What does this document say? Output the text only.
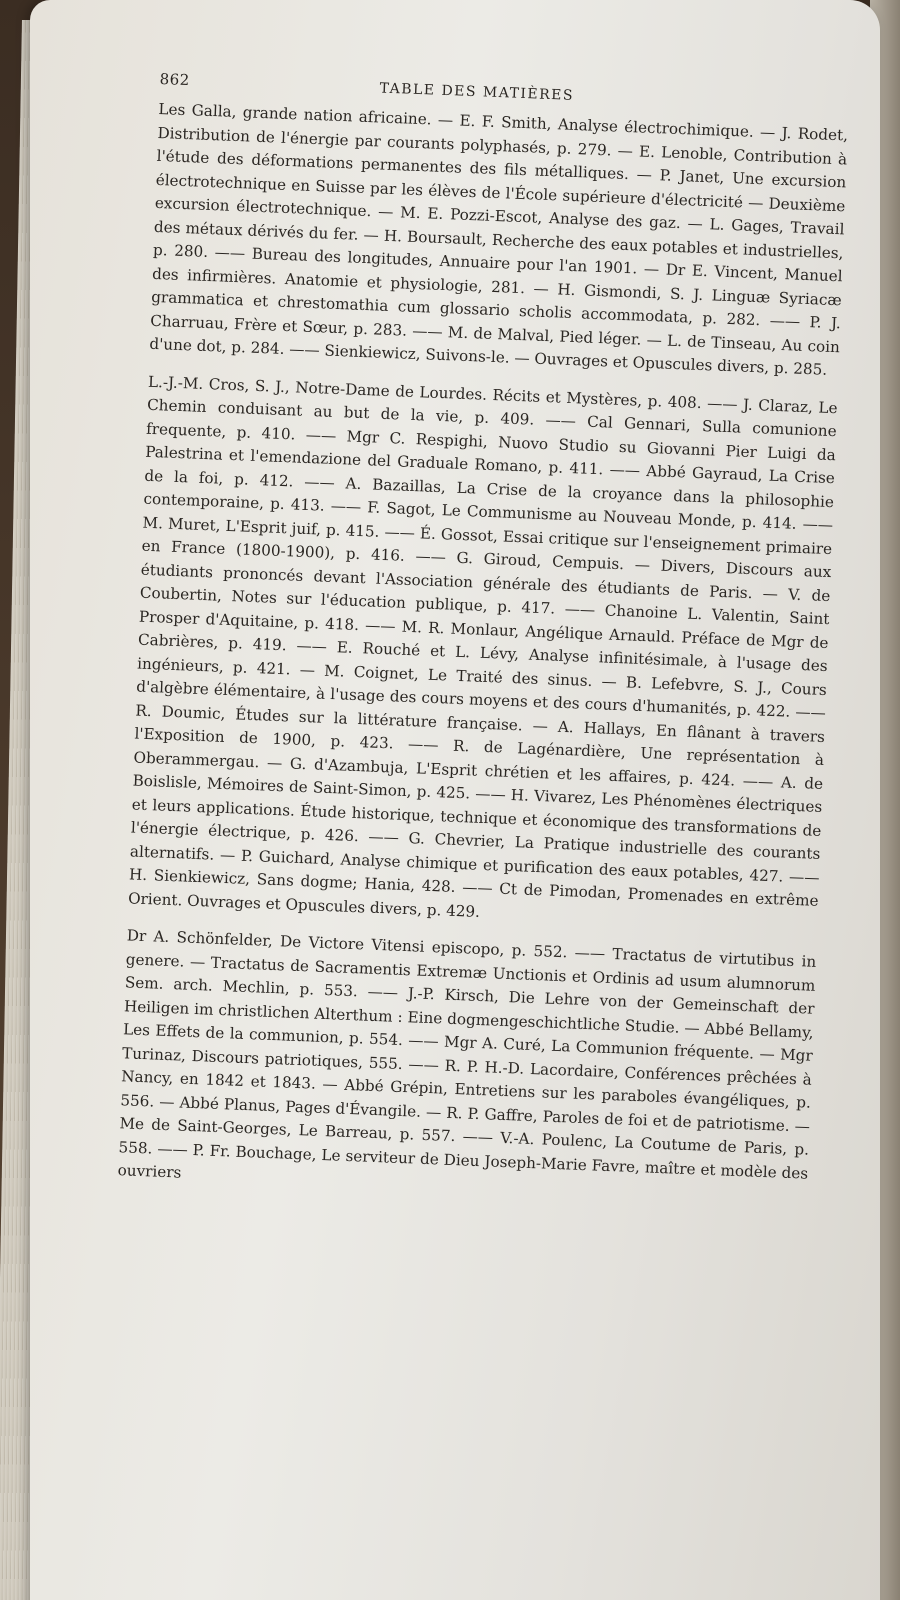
862
TABLE DES MATIÈRES

Les Galla, grande nation africaine. — E. F. Smith, Analyse électrochimique. — J. Rodet, Distribution de l'énergie par courants polyphasés, p. 279. — E. Lenoble, Contribution à l'étude des déformations permanentes des fils métalliques. — P. Janet, Une excursion électrotechnique en Suisse par les élèves de l'École supérieure d'électricité — Deuxième excursion électrotechnique. — M. E. Pozzi-Escot, Analyse des gaz. — L. Gages, Travail des métaux dérivés du fer. — H. Boursault, Recherche des eaux potables et industrielles, p. 280. —— Bureau des longitudes, Annuaire pour l'an 1901. — Dr E. Vincent, Manuel des infirmières. Anatomie et physiologie, 281. — H. Gismondi, S. J. Linguæ Syriacæ grammatica et chrestomathia cum glossario scholis accommodata, p. 282. —— P. J. Charruau, Frère et Sœur, p. 283. —— M. de Malval, Pied léger. — L. de Tinseau, Au coin d'une dot, p. 284. —— Sienkiewicz, Suivons-le. — Ouvrages et Opuscules divers, p. 285.

L.-J.-M. Cros, S. J., Notre-Dame de Lourdes. Récits et Mystères, p. 408. —— J. Claraz, Le Chemin conduisant au but de la vie, p. 409. —— Cal Gennari, Sulla comunione frequente, p. 410. —— Mgr C. Respighi, Nuovo Studio su Giovanni Pier Luigi da Palestrina et l'emendazione del Graduale Romano, p. 411. —— Abbé Gayraud, La Crise de la foi, p. 412. —— A. Bazaillas, La Crise de la croyance dans la philosophie contemporaine, p. 413. —— F. Sagot, Le Communisme au Nouveau Monde, p. 414. —— M. Muret, L'Esprit juif, p. 415. —— É. Gossot, Essai critique sur l'enseignement primaire en France (1800-1900), p. 416. —— G. Giroud, Cempuis. — Divers, Discours aux étudiants prononcés devant l'Association générale des étudiants de Paris. — V. de Coubertin, Notes sur l'éducation publique, p. 417. —— Chanoine L. Valentin, Saint Prosper d'Aquitaine, p. 418. —— M. R. Monlaur, Angélique Arnauld. Préface de Mgr de Cabrières, p. 419. —— E. Rouché et L. Lévy, Analyse infinitésimale, à l'usage des ingénieurs, p. 421. — M. Coignet, Le Traité des sinus. — B. Lefebvre, S. J., Cours d'algèbre élémentaire, à l'usage des cours moyens et des cours d'humanités, p. 422. —— R. Doumic, Études sur la littérature française. — A. Hallays, En flânant à travers l'Exposition de 1900, p. 423. —— R. de Lagénardière, Une représentation à Oberammergau. — G. d'Azambuja, L'Esprit chrétien et les affaires, p. 424. —— A. de Boislisle, Mémoires de Saint-Simon, p. 425. —— H. Vivarez, Les Phénomènes électriques et leurs applications. Étude historique, technique et économique des transformations de l'énergie électrique, p. 426. —— G. Chevrier, La Pratique industrielle des courants alternatifs. — P. Guichard, Analyse chimique et purification des eaux potables, 427. —— H. Sienkiewicz, Sans dogme; Hania, 428. —— Ct de Pimodan, Promenades en extrême Orient. Ouvrages et Opuscules divers, p. 429.

Dr A. Schönfelder, De Victore Vitensi episcopo, p. 552. —— Tractatus de virtutibus in genere. — Tractatus de Sacramentis Extremæ Unctionis et Ordinis ad usum alumnorum Sem. arch. Mechlin, p. 553. —— J.-P. Kirsch, Die Lehre von der Gemeinschaft der Heiligen im christlichen Alterthum : Eine dogmengeschichtliche Studie. — Abbé Bellamy, Les Effets de la communion, p. 554. —— Mgr A. Curé, La Communion fréquente. — Mgr Turinaz, Discours patriotiques, 555. —— R. P. H.-D. Lacordaire, Conférences prêchées à Nancy, en 1842 et 1843. — Abbé Grépin, Entretiens sur les paraboles évangéliques, p. 556. — Abbé Planus, Pages d'Évangile. — R. P. Gaffre, Paroles de foi et de patriotisme. — Me de Saint-Georges, Le Barreau, p. 557. —— V.-A. Poulenc, La Coutume de Paris, p. 558. —— P. Fr. Bouchage, Le serviteur de Dieu Joseph-Marie Favre, maître et modèle des ouvriers
